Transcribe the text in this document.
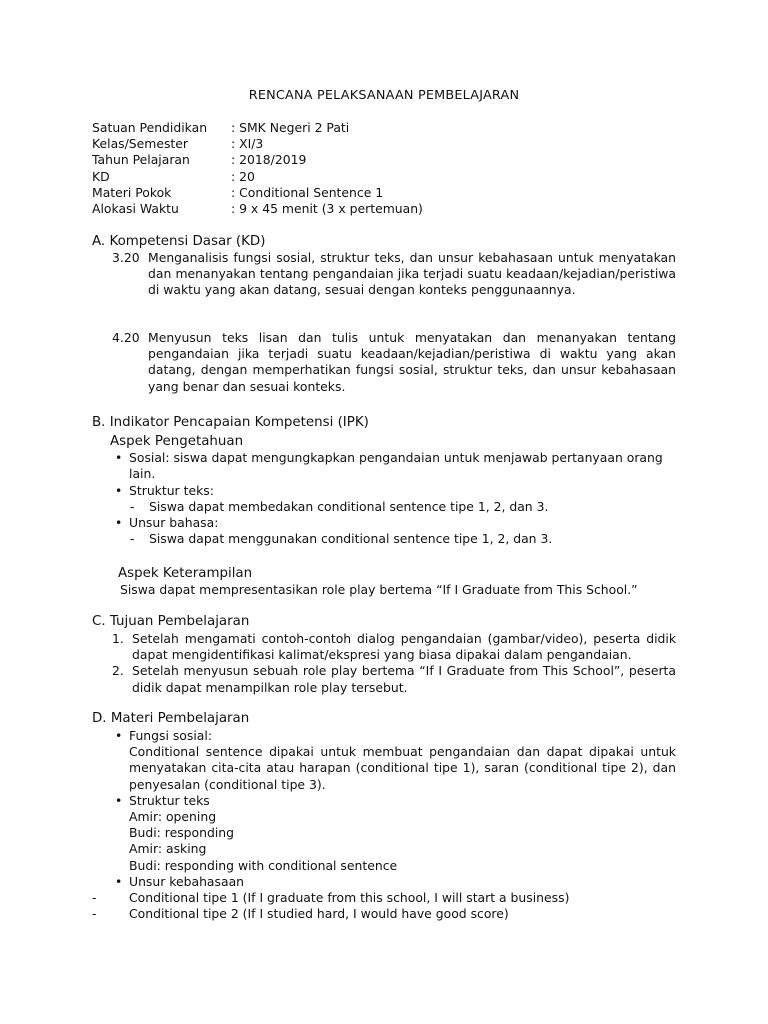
RENCANA PELAKSANAAN PEMBELAJARAN
Satuan Pendidikan	: SMK Negeri 2 Pati
Kelas/Semester	: XI/3
Tahun Pelajaran	: 2018/2019
KD	: 20
Materi Pokok	: Conditional Sentence 1
Alokasi Waktu	: 9 x 45 menit (3 x pertemuan)
A. Kompetensi Dasar (KD)
3.20 Menganalisis fungsi sosial, struktur teks, dan unsur kebahasaan untuk menyatakan dan menanyakan tentang pengandaian jika terjadi suatu keadaan/kejadian/peristiwa di waktu yang akan datang, sesuai dengan konteks penggunaannya.
4.20 Menyusun teks lisan dan tulis untuk menyatakan dan menanyakan tentang pengandaian jika terjadi suatu keadaan/kejadian/peristiwa di waktu yang akan datang, dengan memperhatikan fungsi sosial, struktur teks, dan unsur kebahasaan yang benar dan sesuai konteks.
B. Indikator Pencapaian Kompetensi (IPK)
Aspek Pengetahuan
• Sosial: siswa dapat mengungkapkan pengandaian untuk menjawab pertanyaan orang lain.
• Struktur teks:
- Siswa dapat membedakan conditional sentence tipe 1, 2, dan 3.
• Unsur bahasa:
- Siswa dapat menggunakan conditional sentence tipe 1, 2, dan 3.
Aspek Keterampilan
Siswa dapat mempresentasikan role play bertema “If I Graduate from This School.”
C. Tujuan Pembelajaran
1. Setelah mengamati contoh-contoh dialog pengandaian (gambar/video), peserta didik dapat mengidentifikasi kalimat/ekspresi yang biasa dipakai dalam pengandaian.
2. Setelah menyusun sebuah role play bertema “If I Graduate from This School”, peserta didik dapat menampilkan role play tersebut.
D. Materi Pembelajaran
• Fungsi sosial:
Conditional sentence dipakai untuk membuat pengandaian dan dapat dipakai untuk menyatakan cita-cita atau harapan (conditional tipe 1), saran (conditional tipe 2), dan penyesalan (conditional tipe 3).
• Struktur teks
Amir: opening
Budi: responding
Amir: asking
Budi: responding with conditional sentence
• Unsur kebahasaan
-	Conditional tipe 1 (If I graduate from this school, I will start a business)
-	Conditional tipe 2 (If I studied hard, I would have good score)
